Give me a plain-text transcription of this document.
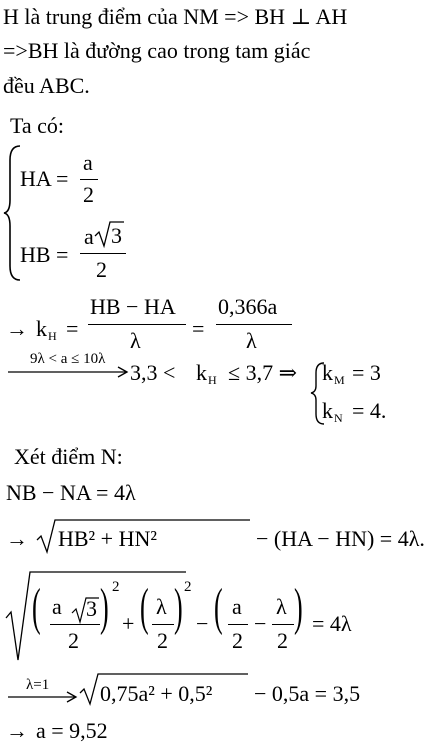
H là trung điểm của NM => BH ⊥ AH
=>BH là đường cao trong tam giác
đều ABC.
Ta có:
HA =
a
2
HB =
a 3
2
→ k H =
HB − HA
λ =
0,366a
λ
9λ < a ≤ 10λ
3,3 < k H ≤ 3,7 ⇒ k M = 3
k N = 4.
Xét điểm N:
NB − NA = 4λ
→ HB² + HN²	− (HA − HN) = 4λ.
( a 3
2
) 2
+ ( λ
2
) 2
− ( a
2
−
λ
2
) = 4λ
λ=1 0,75a² + 0,5² − 0,5a = 3,5
→ a = 9,52
